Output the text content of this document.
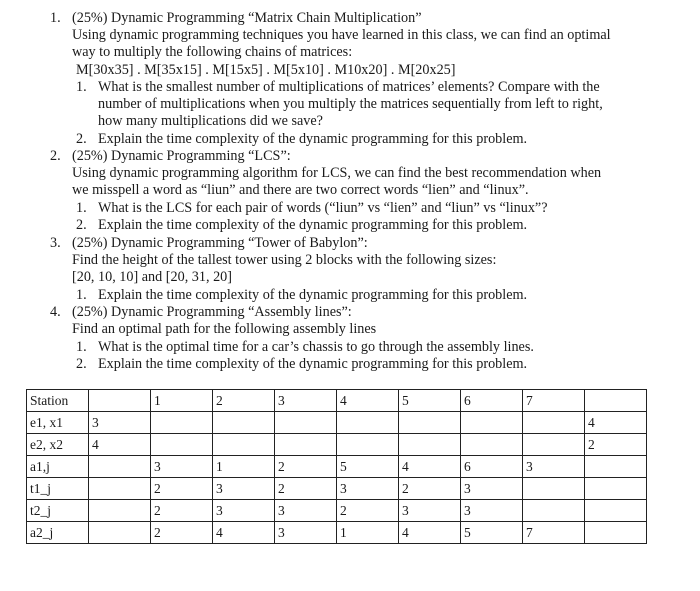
1. (25%) Dynamic Programming “Matrix Chain Multiplication”
Using dynamic programming techniques you have learned in this class, we can find an optimal
way to multiply the following chains of matrices:
M[30x35] . M[35x15] . M[15x5] . M[5x10] . M10x20] . M[20x25]
1. What is the smallest number of multiplications of matrices’ elements? Compare with the
number of multiplications when you multiply the matrices sequentially from left to right,
how many multiplications did we save?
2. Explain the time complexity of the dynamic programming for this problem.
2. (25%) Dynamic Programming “LCS”:
Using dynamic programming algorithm for LCS, we can find the best recommendation when
we misspell a word as “liun” and there are two correct words “lien” and “linux”.
1. What is the LCS for each pair of words (“liun” vs “lien” and “liun” vs “linux”?
2. Explain the time complexity of the dynamic programming for this problem.
3. (25%) Dynamic Programming “Tower of Babylon”:
Find the height of the tallest tower using 2 blocks with the following sizes:
[20, 10, 10] and [20, 31, 20]
1. Explain the time complexity of the dynamic programming for this problem.
4. (25%) Dynamic Programming “Assembly lines”:
Find an optimal path for the following assembly lines
1. What is the optimal time for a car’s chassis to go through the assembly lines.
2. Explain the time complexity of the dynamic programming for this problem.
Station		1	2	3	4	5	6	7	
e1, x1	3								4
e2, x2	4								2
a1,j		3	1	2	5	4	6	3	
t1_j		2	3	2	3	2	3		
t2_j		2	3	3	2	3	3		
a2_j		2	4	3	1	4	5	7	
